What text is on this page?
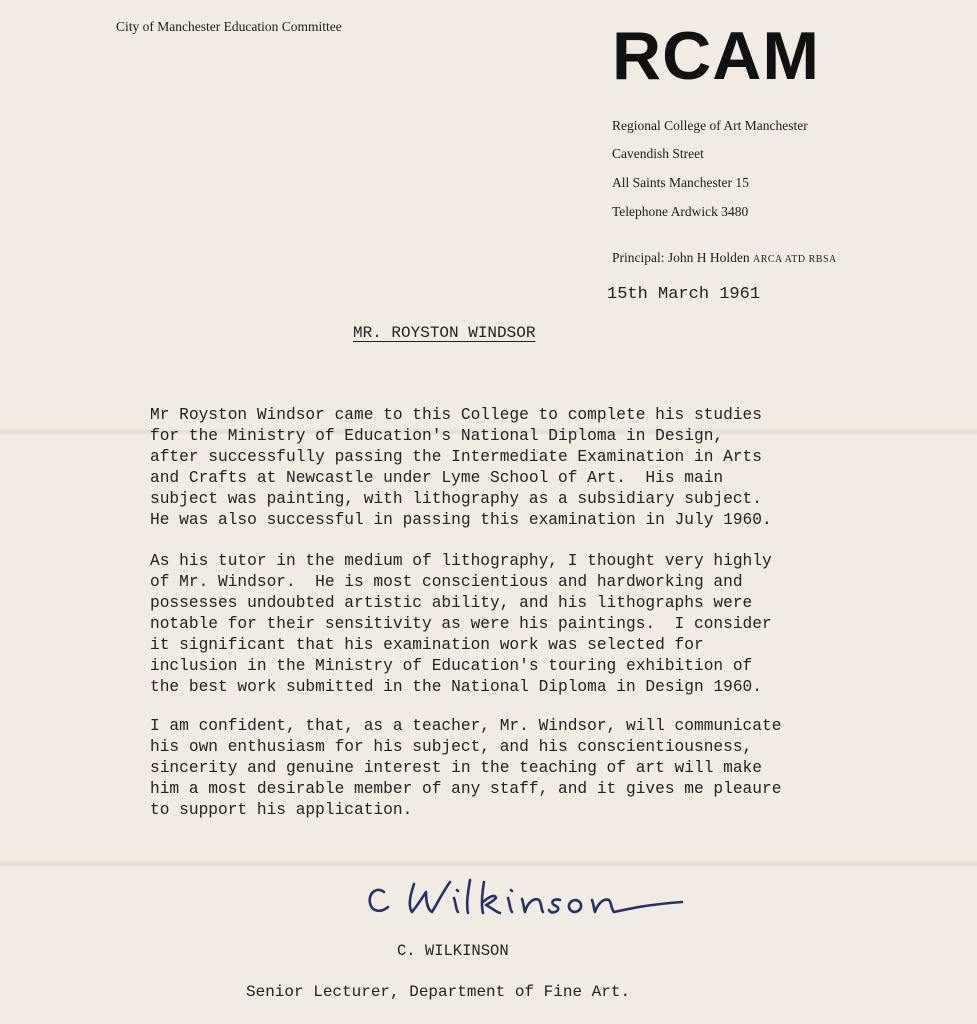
City of Manchester Education Committee	RCAM
Regional College of Art Manchester
Cavendish Street
All Saints Manchester 15
Telephone Ardwick 3480
Principal: John H Holden ARCA ATD RBSA
15th March 1961
MR. ROYSTON WINDSOR

Mr Royston Windsor came to this College to complete his studies
for the Ministry of Education's National Diploma in Design,
after successfully passing the Intermediate Examination in Arts
and Crafts at Newcastle under Lyme School of Art.  His main
subject was painting, with lithography as a subsidiary subject.
He was also successful in passing this examination in July 1960.

As his tutor in the medium of lithography, I thought very highly
of Mr. Windsor.  He is most conscientious and hardworking and
possesses undoubted artistic ability, and his lithographs were
notable for their sensitivity as were his paintings.  I consider
it significant that his examination work was selected for
inclusion in the Ministry of Education's touring exhibition of
the best work submitted in the National Diploma in Design 1960.

I am confident, that, as a teacher, Mr. Windsor, will communicate
his own enthusiasm for his subject, and his conscientiousness,
sincerity and genuine interest in the teaching of art will make
him a most desirable member of any staff, and it gives me pleaure
to support his application.

C. WILKINSON
Senior Lecturer, Department of Fine Art.
